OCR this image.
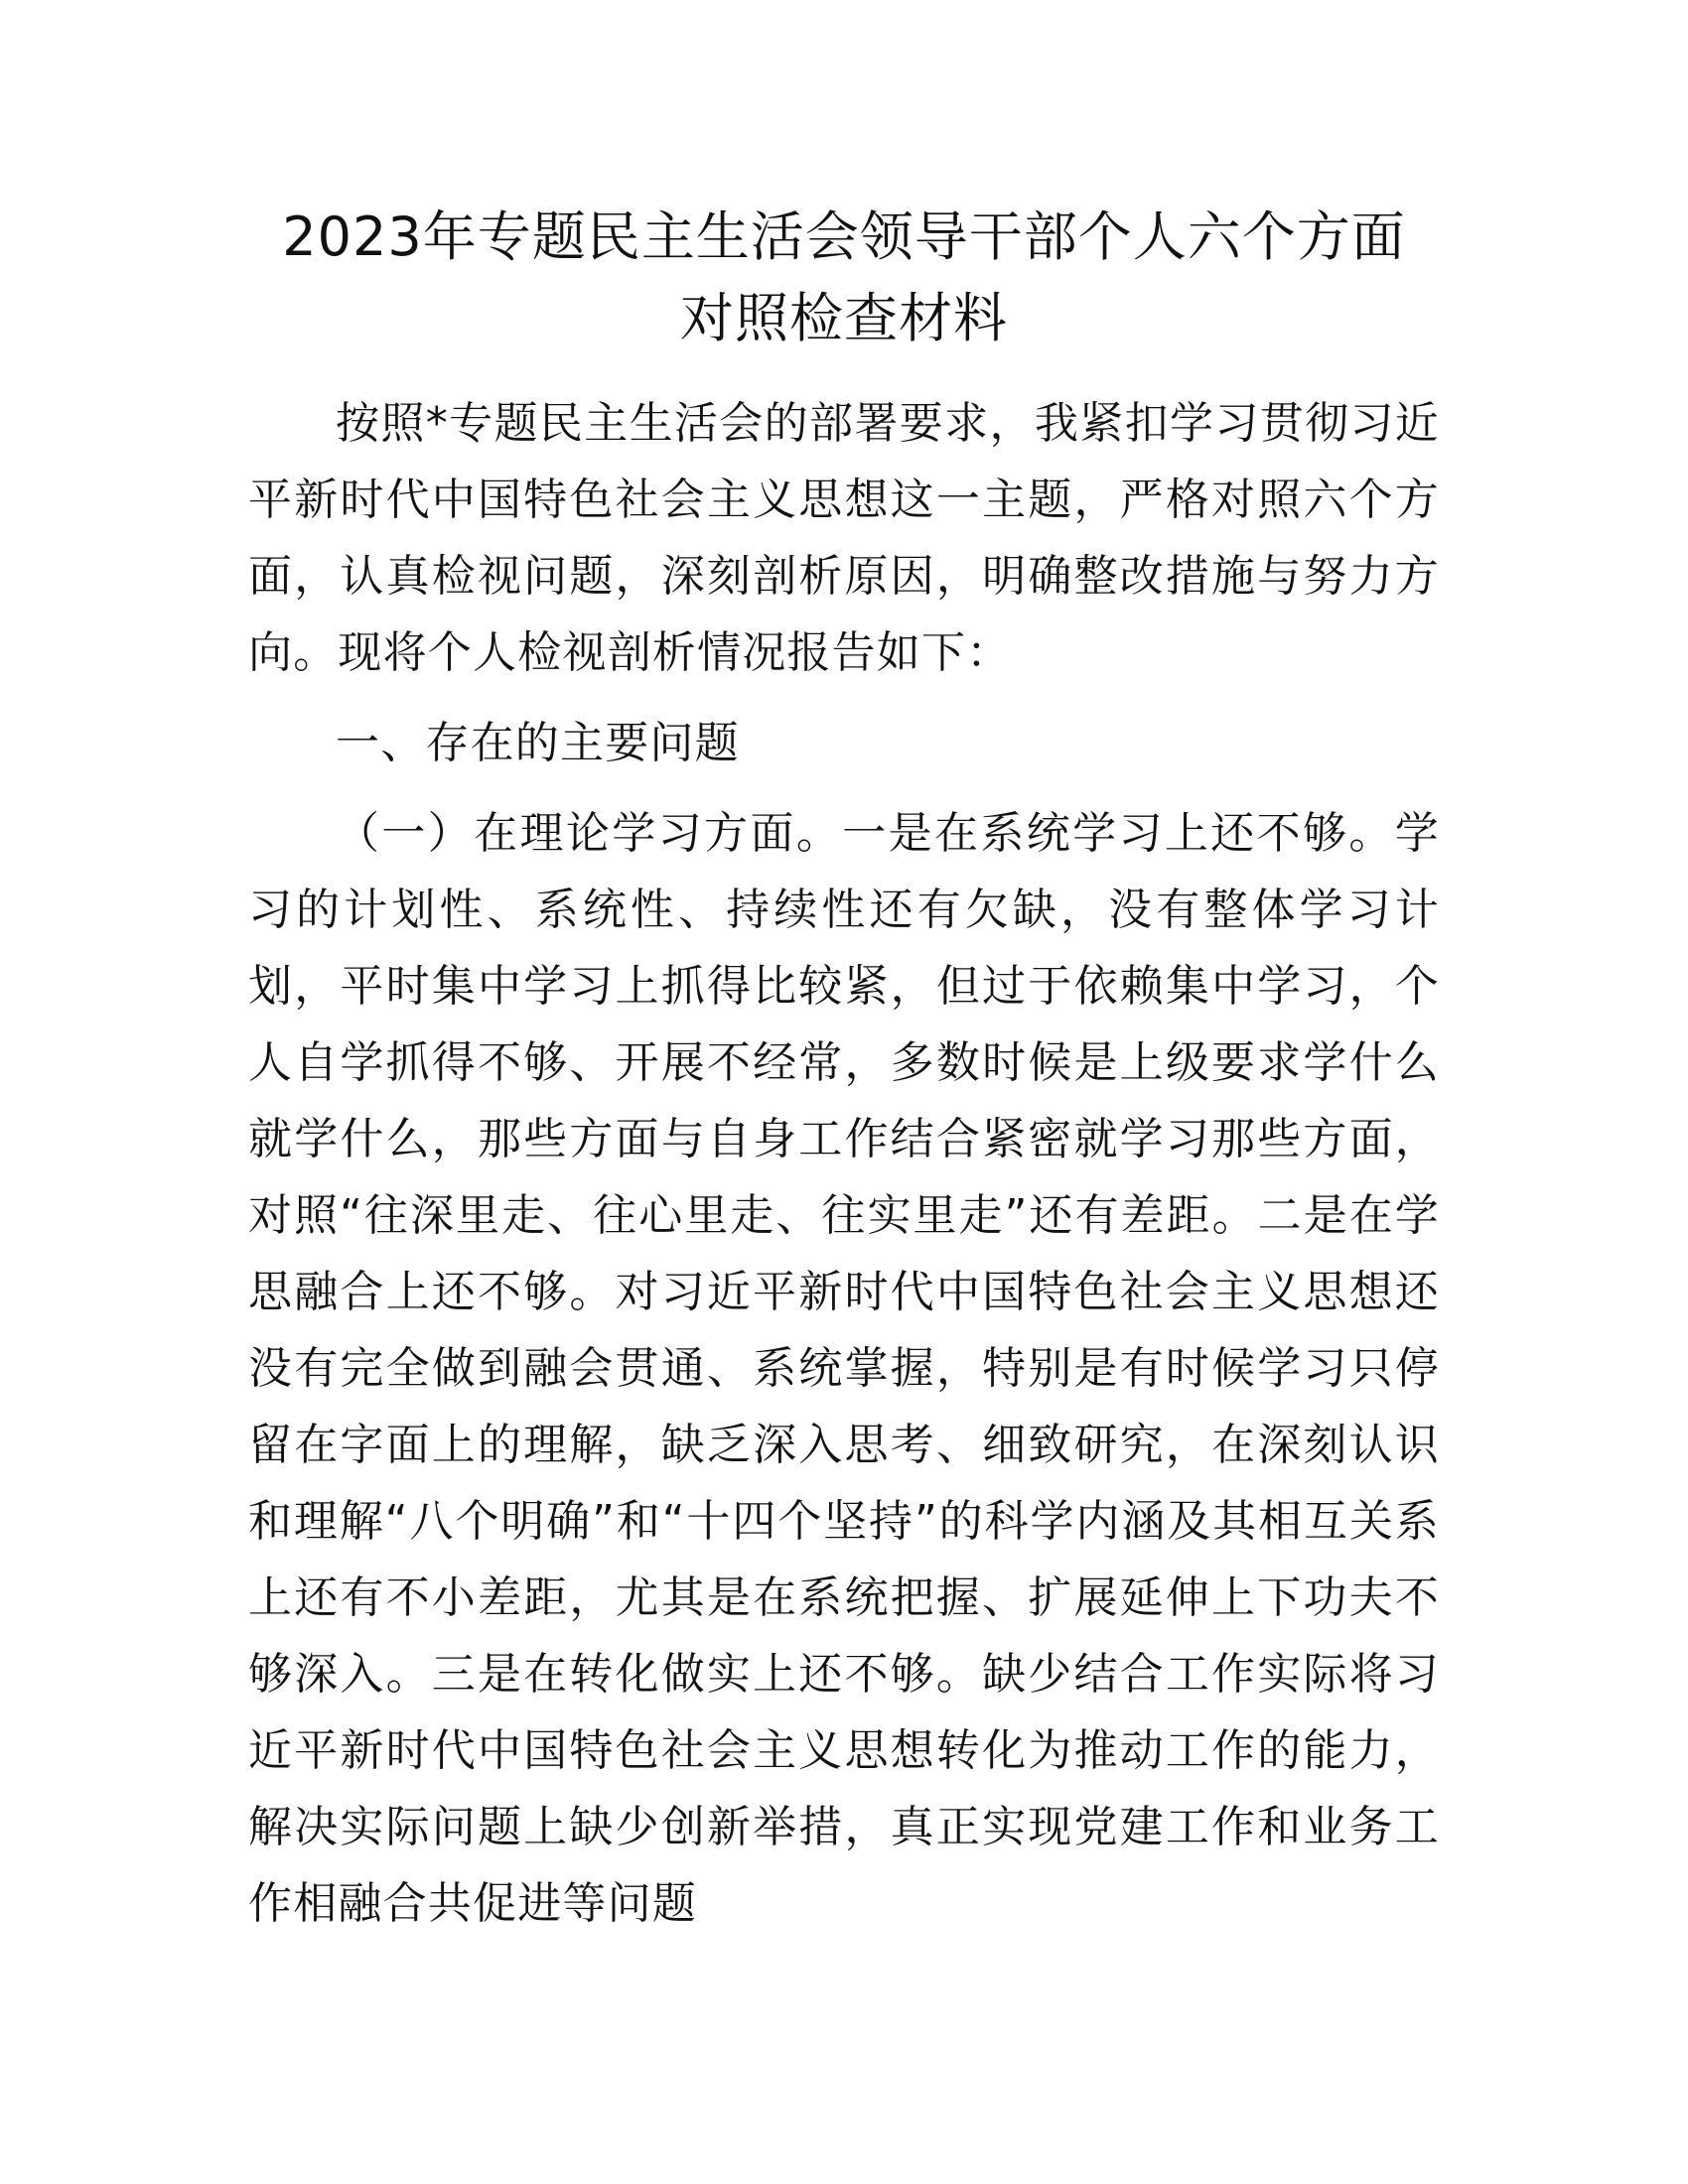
2023年专题民主生活会领导干部个人六个方面
对照检查材料

按照*专题民主生活会的部署要求，我紧扣学习贯彻习近平新时代中国特色社会主义思想这一主题，严格对照六个方面，认真检视问题，深刻剖析原因，明确整改措施与努力方向。现将个人检视剖析情况报告如下：

一、存在的主要问题

（一）在理论学习方面。一是在系统学习上还不够。学习的计划性、系统性、持续性还有欠缺，没有整体学习计划，平时集中学习上抓得比较紧，但过于依赖集中学习，个人自学抓得不够、开展不经常，多数时候是上级要求学什么就学什么，那些方面与自身工作结合紧密就学习那些方面，对照“往深里走、往心里走、往实里走”还有差距。二是在学思融合上还不够。对习近平新时代中国特色社会主义思想还没有完全做到融会贯通、系统掌握，特别是有时候学习只停留在字面上的理解，缺乏深入思考、细致研究，在深刻认识和理解“八个明确”和“十四个坚持”的科学内涵及其相互关系上还有不小差距，尤其是在系统把握、扩展延伸上下功夫不够深入。三是在转化做实上还不够。缺少结合工作实际将习近平新时代中国特色社会主义思想转化为推动工作的能力，解决实际问题上缺少创新举措，真正实现党建工作和业务工作相融合共促进等问题
